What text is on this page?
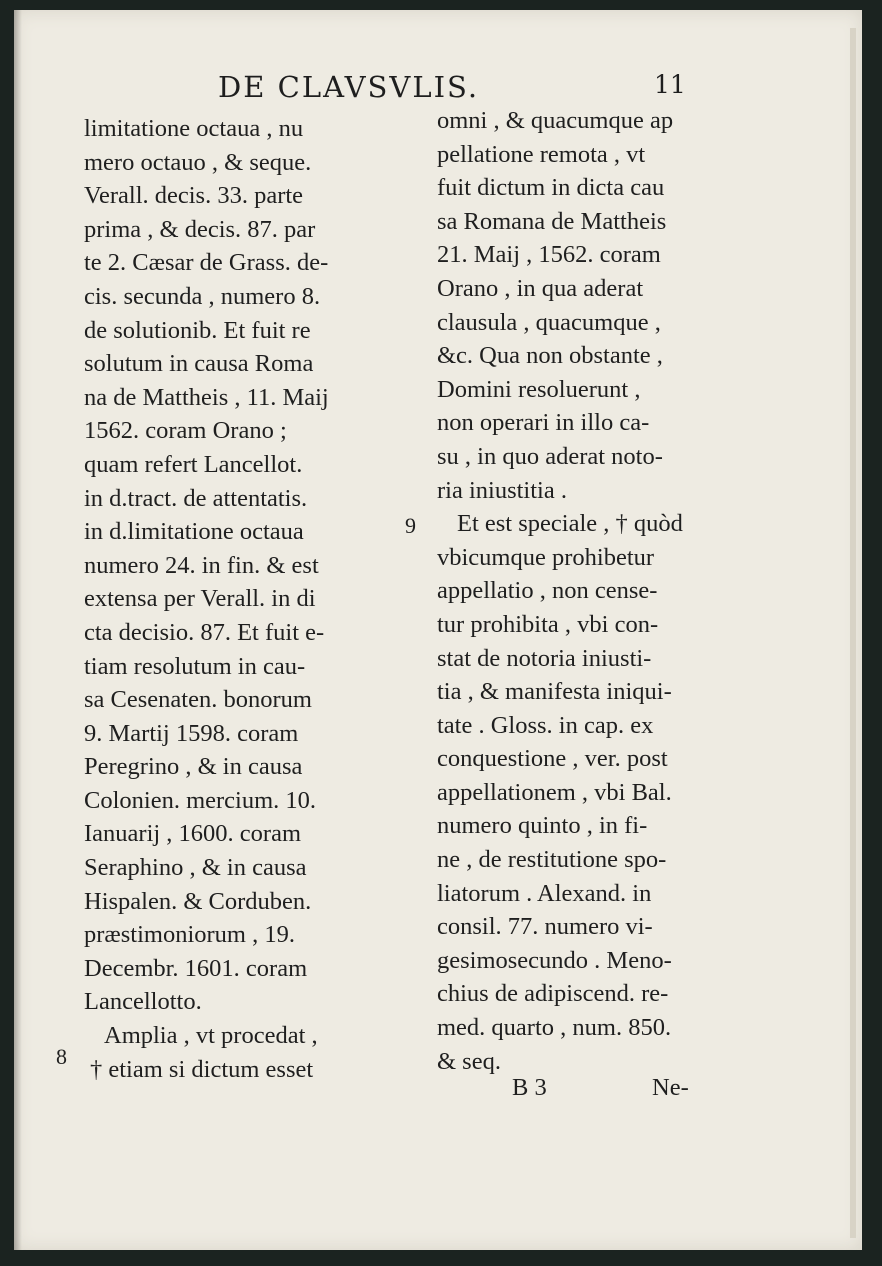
DE CLAVSVLIS.	11
limitatione octaua , nu
mero octauo , & seque.
Verall. decis. 33. parte
prima , & decis. 87. par
te 2. Cæsar de Grass. de-
cis. secunda , numero 8.
de solutionib. Et fuit re
solutum in causa Roma
na de Mattheis , 11. Maij
1562. coram Orano ;
quam refert Lancellot.
in d.tract. de attentatis.
in d.limitatione octaua
numero 24. in fin. & est
extensa per Verall. in di
cta decisio. 87. Et fuit e-
tiam resolutum in cau-
sa Cesenaten. bonorum
9. Martij 1598. coram
Peregrino , & in causa
Colonien. mercium. 10.
Ianuarij , 1600. coram
Seraphino , & in causa
Hispalen. & Corduben.
præstimoniorum , 19.
Decembr. 1601. coram
Lancellotto.
Amplia , vt procedat ,
† etiam si dictum esset
omni , & quacumque ap
pellatione remota , vt
fuit dictum in dicta cau
sa Romana de Mattheis
21. Maij , 1562. coram
Orano , in qua aderat
clausula , quacumque ,
&c. Qua non obstante ,
Domini resoluerunt ,
non operari in illo ca-
su , in quo aderat noto-
ria iniustitia .
Et est speciale , † quòd
vbicumque prohibetur
appellatio , non cense-
tur prohibita , vbi con-
stat de notoria iniusti-
tia , & manifesta iniqui-
tate . Gloss. in cap. ex
conquestione , ver. post
appellationem , vbi Bal.
numero quinto , in fi-
ne , de restitutione spo-
liatorum . Alexand. in
consil. 77. numero vi-
gesimosecundo . Meno-
chius de adipiscend. re-
med. quarto , num. 850.
& seq.
8
9
B 3	Ne-
